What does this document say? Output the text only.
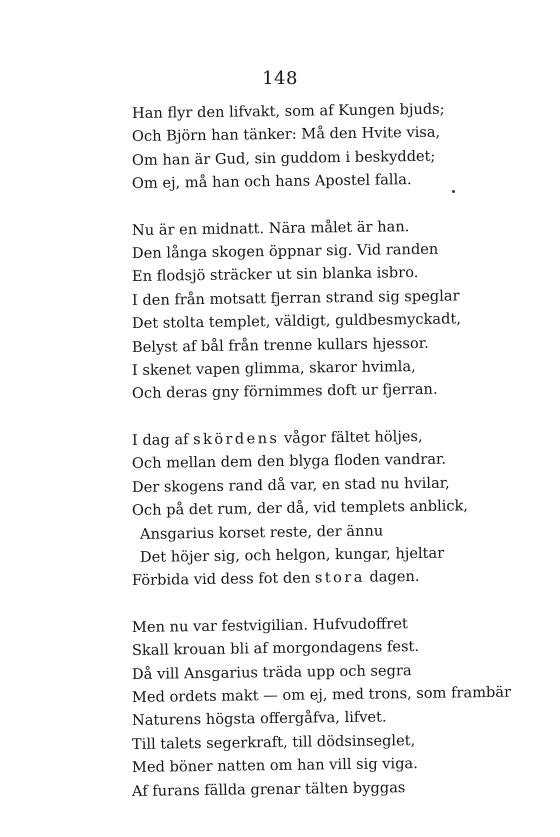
148
Han flyr den lifvakt, som af Kungen bjuds;
Och Björn han tänker: Må den Hvite visa,
Om han är Gud, sin guddom i beskyddet;
Om ej, må han och hans Apostel falla.
Nu är en midnatt. Nära målet är han.
Den långa skogen öppnar sig. Vid randen
En flodsjö sträcker ut sin blanka isbro.
I den från motsatt fjerran strand sig speglar
Det stolta templet, väldigt, guldbesmyckadt,
Belyst af bål från trenne kullars hjessor.
I skenet vapen glimma, skaror hvimla,
Och deras gny förnimmes doft ur fjerran.
I dag af skördens vågor fältet höljes,
Och mellan dem den blyga floden vandrar.
Der skogens rand då var, en stad nu hvilar,
Och på det rum, der då, vid templets anblick,
Ansgarius korset reste, der ännu
Det höjer sig, och helgon, kungar, hjeltar
Förbida vid dess fot den stora dagen.
Men nu var festvigilian. Hufvudoffret
Skall krouan bli af morgondagens fest.
Då vill Ansgarius träda upp och segra
Med ordets makt — om ej, med trons, som frambär
Naturens högsta offergåfva, lifvet.
Till talets segerkraft, till dödsinseglet,
Med böner natten om han vill sig viga.
Af furans fällda grenar tälten byggas
